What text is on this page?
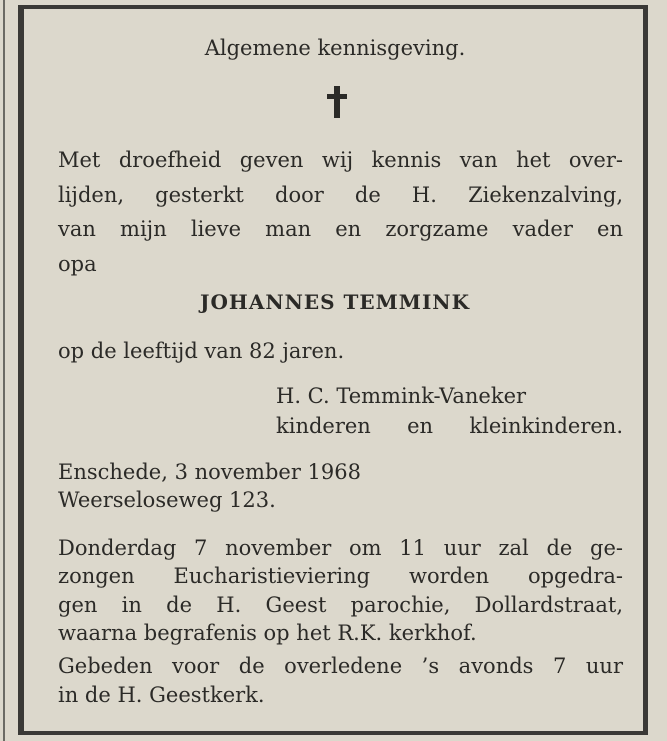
Algemene kennisgeving.
Met droefheid geven wij kennis van het over-
lijden, gesterkt door de H. Ziekenzalving,
van mijn lieve man en zorgzame vader en
opa
JOHANNES TEMMINK
op de leeftijd van 82 jaren.
H. C. Temmink-Vaneker
kinderen en kleinkinderen.
Enschede, 3 november 1968
Weerseloseweg 123.
Donderdag 7 november om 11 uur zal de ge-
zongen Eucharistieviering worden opgedra-
gen in de H. Geest parochie, Dollardstraat,
waarna begrafenis op het R.K. kerkhof.
Gebeden voor de overledene ’s avonds 7 uur
in de H. Geestkerk.
